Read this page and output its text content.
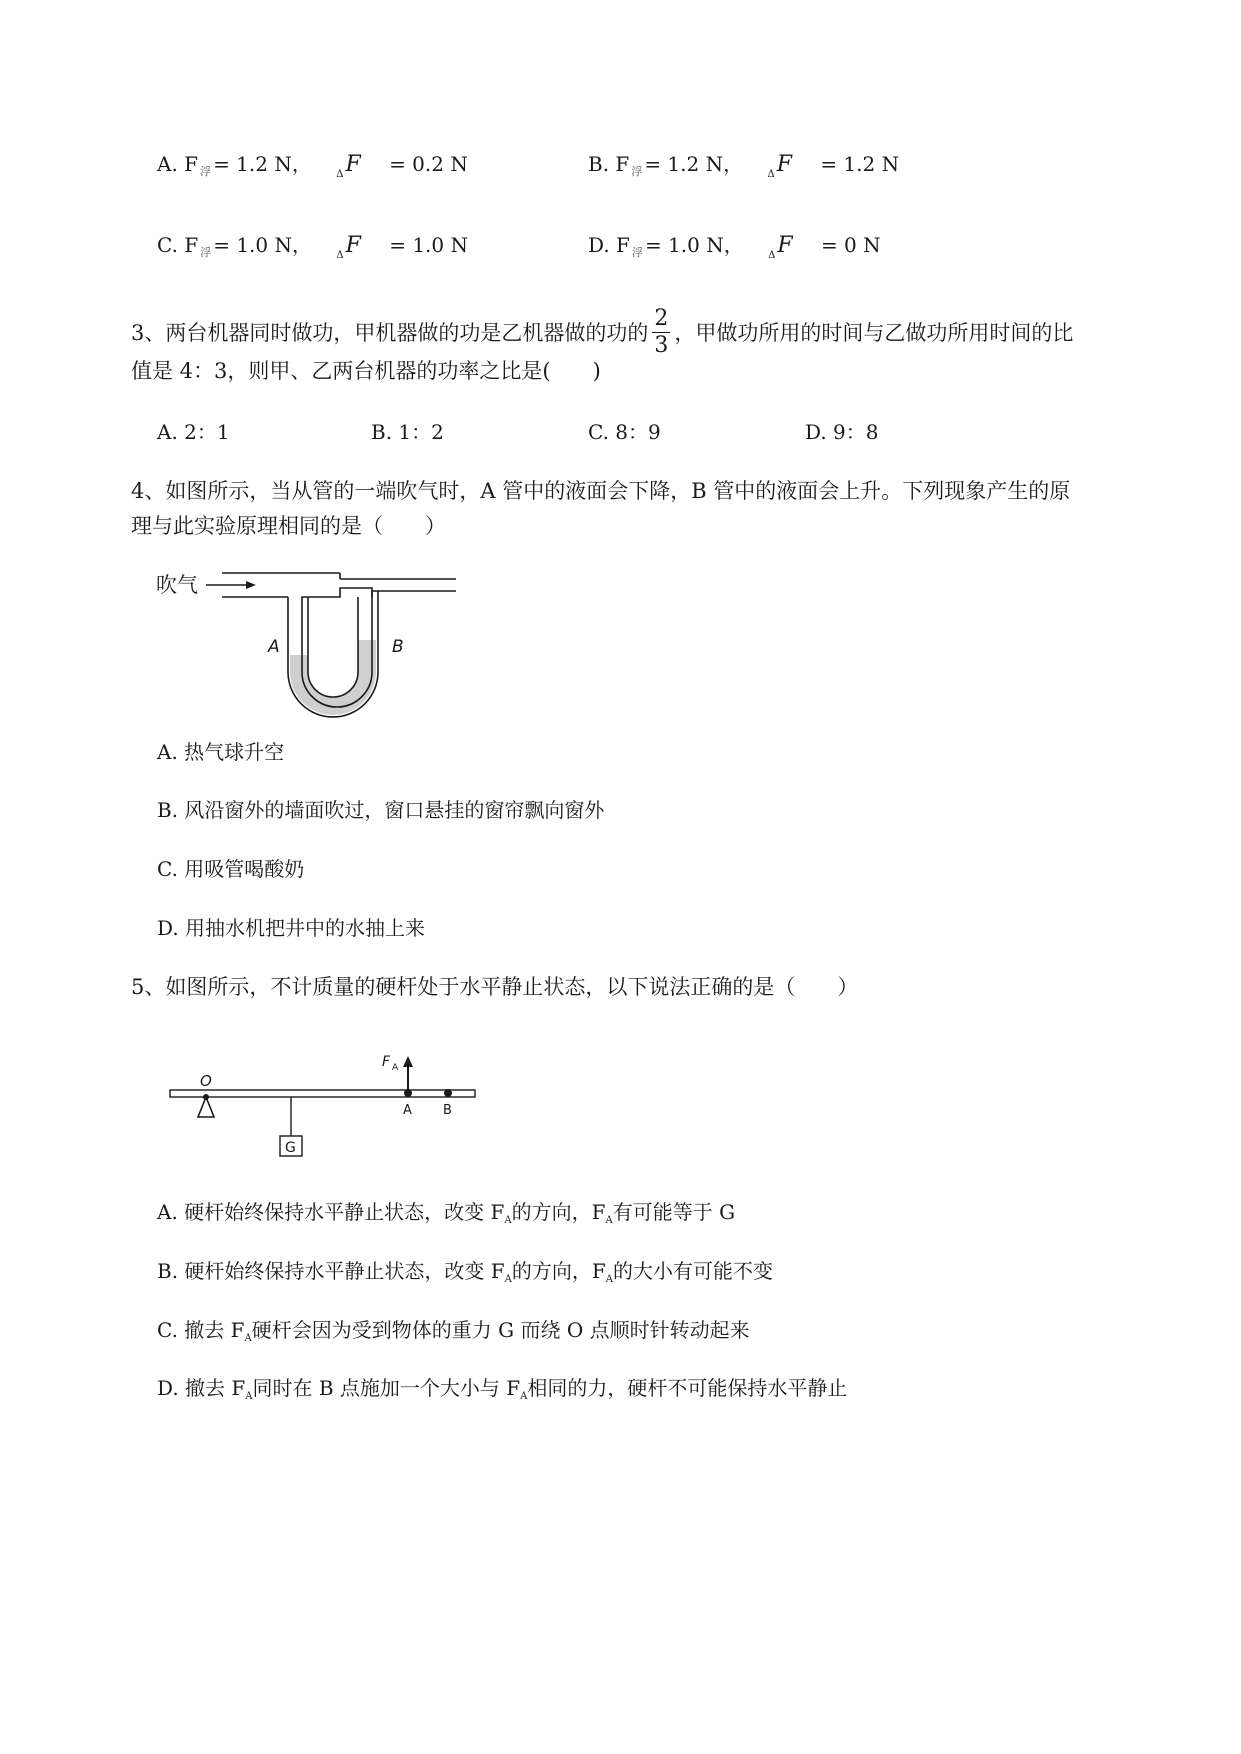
A. F $_浮$ = 1.2 N， $_\Delta$F = 0.2 N	B. F $_浮$ = 1.2 N， $_\Delta$F = 1.2 N
C. F $_浮$ = 1.0 N， $_\Delta$F = 1.0 N	D. F $_浮$ = 1.0 N， $_\Delta$F = 0 N
3、两台机器同时做功，甲机器做的功是乙机器做的功的 $\frac{2}{3}$ ，甲做功所用的时间与乙做功所用时间的比
值是 4：3，则甲、乙两台机器的功率之比是(　　)
A. 2：1	B. 1：2	C. 8：9	D. 9：8
4、如图所示，当从管的一端吹气时，A 管中的液面会下降，B 管中的液面会上升。下列现象产生的原
理与此实验原理相同的是（　　）
吹气
A	B
A. 热气球升空
B. 风沿窗外的墙面吹过，窗口悬挂的窗帘飘向窗外
C. 用吸管喝酸奶
D. 用抽水机把井中的水抽上来
5、如图所示，不计质量的硬杆处于水平静止状态，以下说法正确的是（　　）
O
G
F A
A B
A. 硬杆始终保持水平静止状态，改变 $F_A$的方向，$F_A$有可能等于 G
B. 硬杆始终保持水平静止状态，改变 $F_A$的方向，$F_A$的大小有可能不变
C. 撤去 $F_A$硬杆会因为受到物体的重力 G 而绕 O 点顺时针转动起来
D. 撤去 $F_A$同时在 B 点施加一个大小与 $F_A$相同的力，硬杆不可能保持水平静止
